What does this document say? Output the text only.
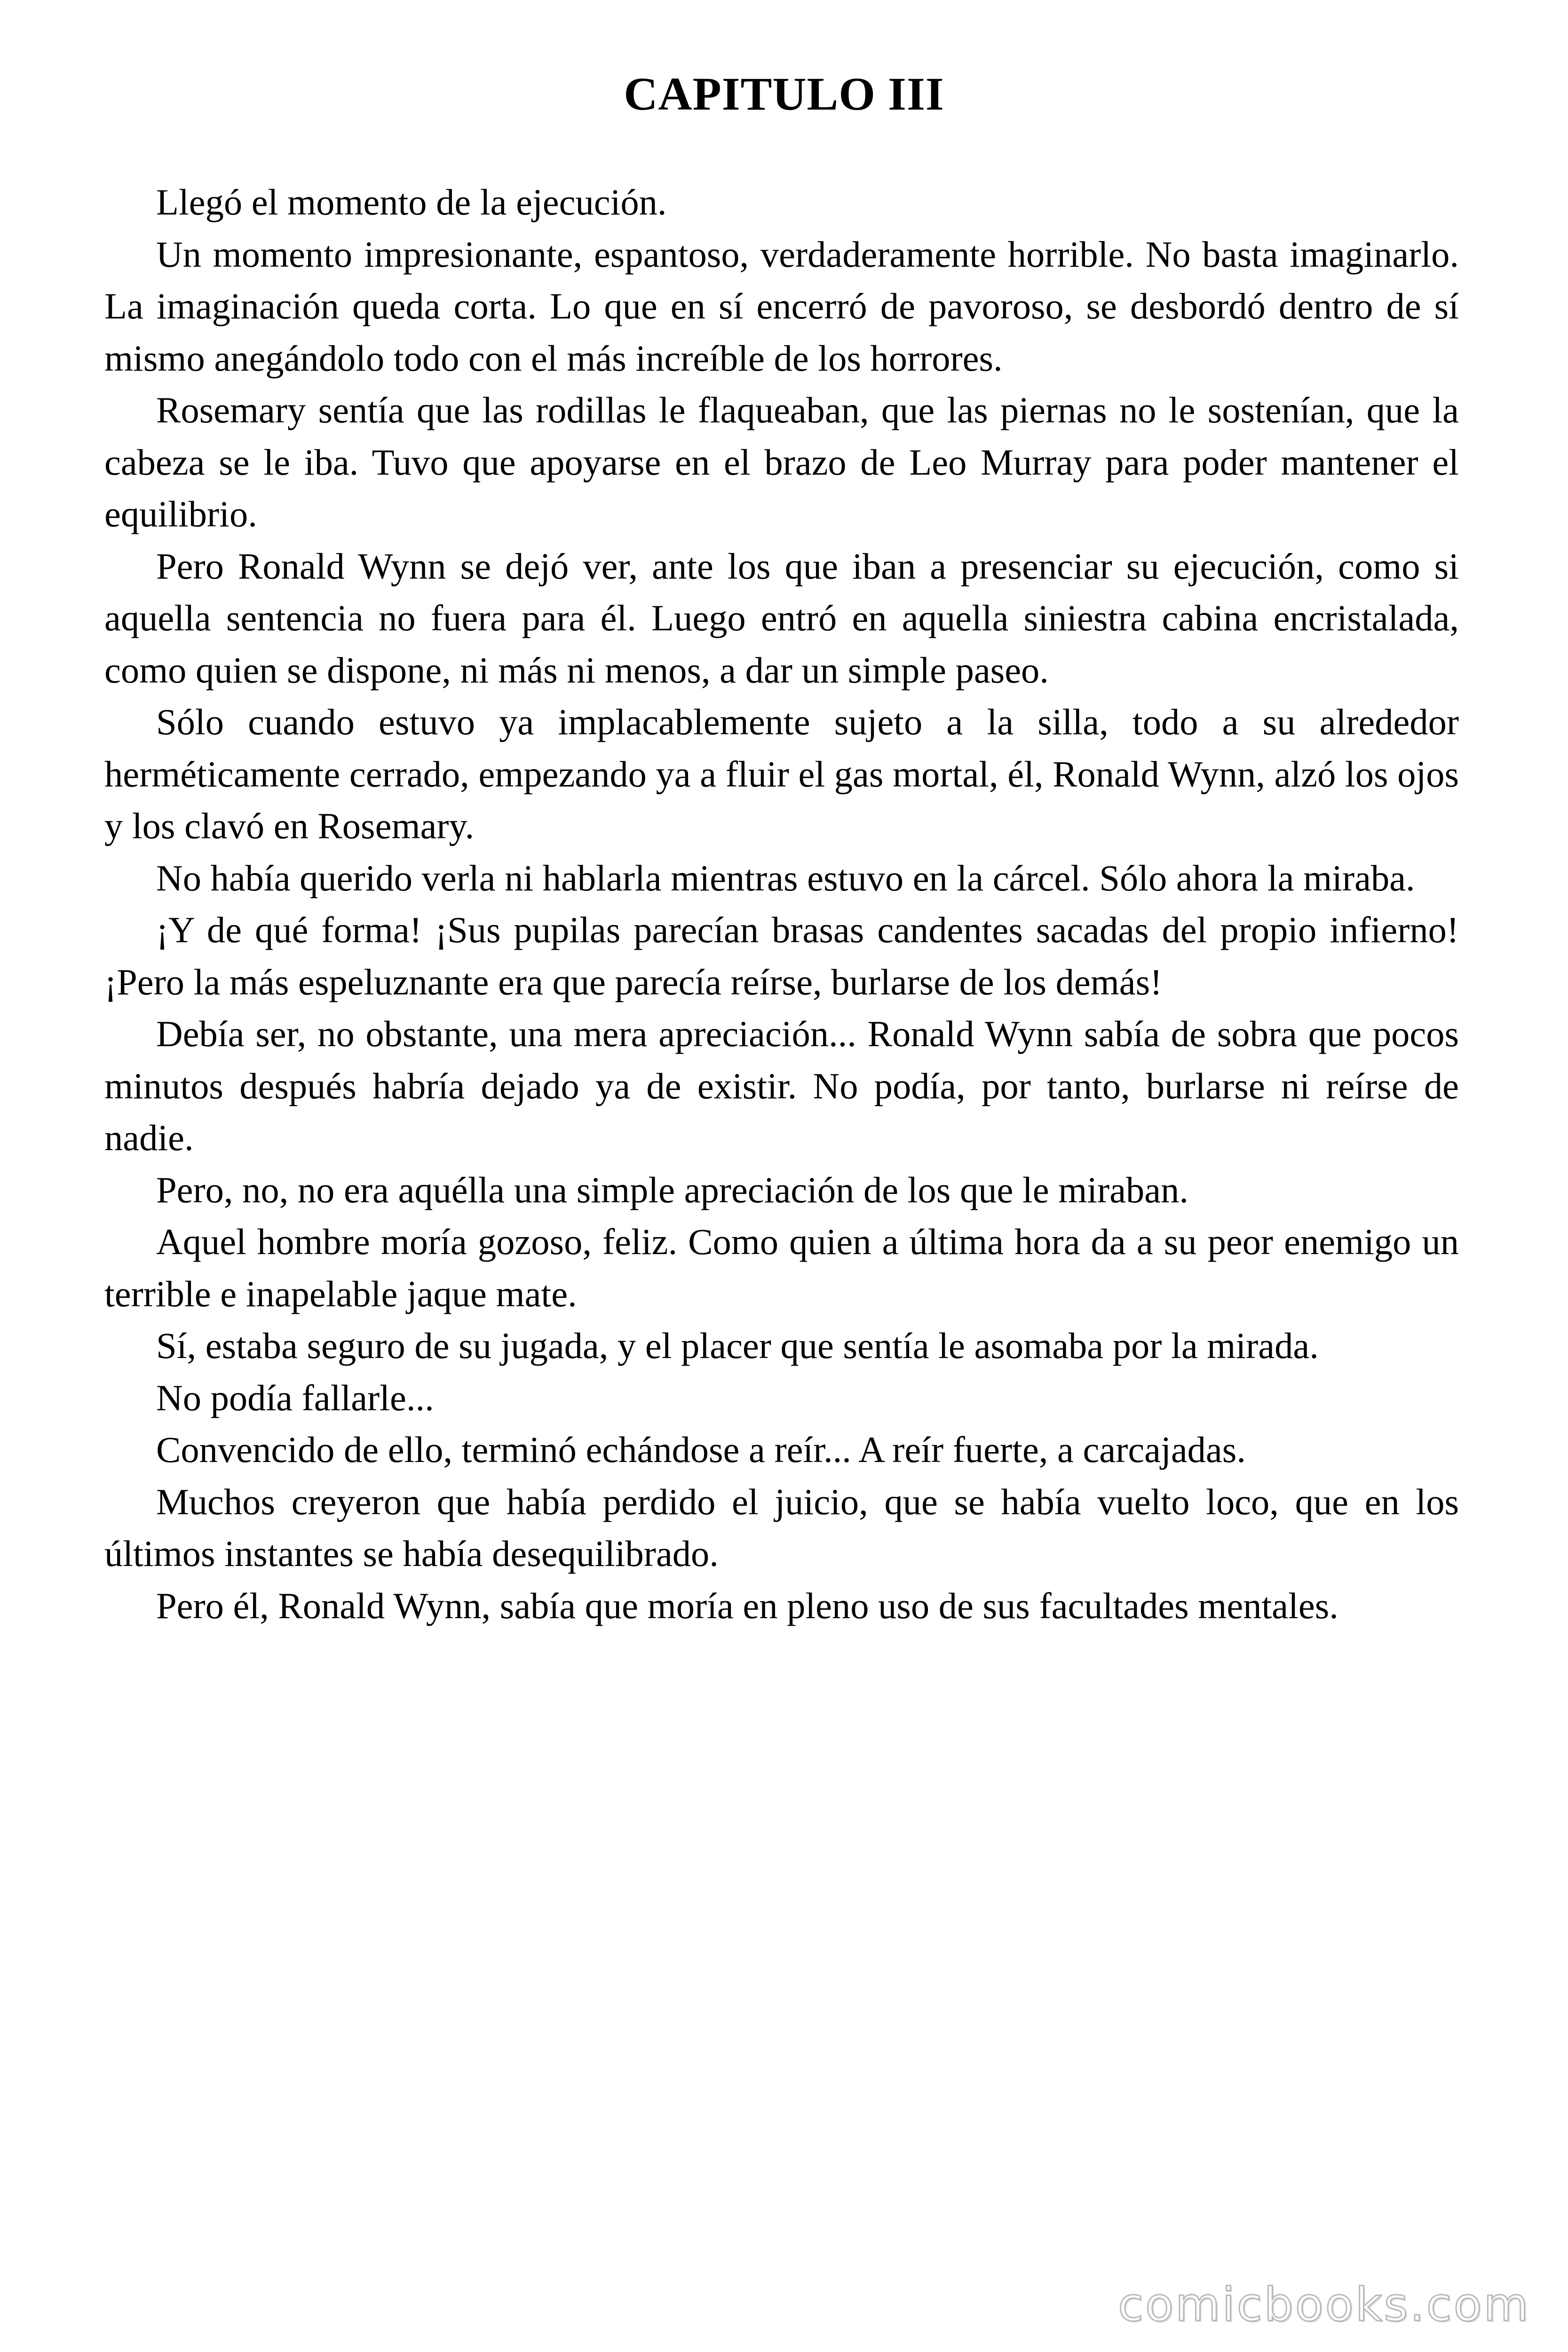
CAPITULO III

Llegó el momento de la ejecución.

Un momento impresionante, espantoso, verdaderamente horrible. No basta imaginarlo. La imaginación queda corta. Lo que en sí encerró de pavoroso, se desbordó dentro de sí mismo anegándolo todo con el más increíble de los horrores.

Rosemary sentía que las rodillas le flaqueaban, que las piernas no le sostenían, que la cabeza se le iba. Tuvo que apoyarse en el brazo de Leo Murray para poder mantener el equilibrio.

Pero Ronald Wynn se dejó ver, ante los que iban a presenciar su ejecución, como si aquella sentencia no fuera para él. Luego entró en aquella siniestra cabina encristalada, como quien se dispone, ni más ni menos, a dar un simple paseo.

Sólo cuando estuvo ya implacablemente sujeto a la silla, todo a su alrededor herméticamente cerrado, empezando ya a fluir el gas mortal, él, Ronald Wynn, alzó los ojos y los clavó en Rosemary.

No había querido verla ni hablarla mientras estuvo en la cárcel. Sólo ahora la miraba.

¡Y de qué forma! ¡Sus pupilas parecían brasas candentes sacadas del propio infierno! ¡Pero la más espeluznante era que parecía reírse, burlarse de los demás!

Debía ser, no obstante, una mera apreciación... Ronald Wynn sabía de sobra que pocos minutos después habría dejado ya de existir. No podía, por tanto, burlarse ni reírse de nadie.

Pero, no, no era aquélla una simple apreciación de los que le miraban.

Aquel hombre moría gozoso, feliz. Como quien a última hora da a su peor enemigo un terrible e inapelable jaque mate.

Sí, estaba seguro de su jugada, y el placer que sentía le asomaba por la mirada.

No podía fallarle...

Convencido de ello, terminó echándose a reír... A reír fuerte, a carcajadas.

Muchos creyeron que había perdido el juicio, que se había vuelto loco, que en los últimos instantes se había desequilibrado.

Pero él, Ronald Wynn, sabía que moría en pleno uso de sus facultades mentales.

comicbooks.com
